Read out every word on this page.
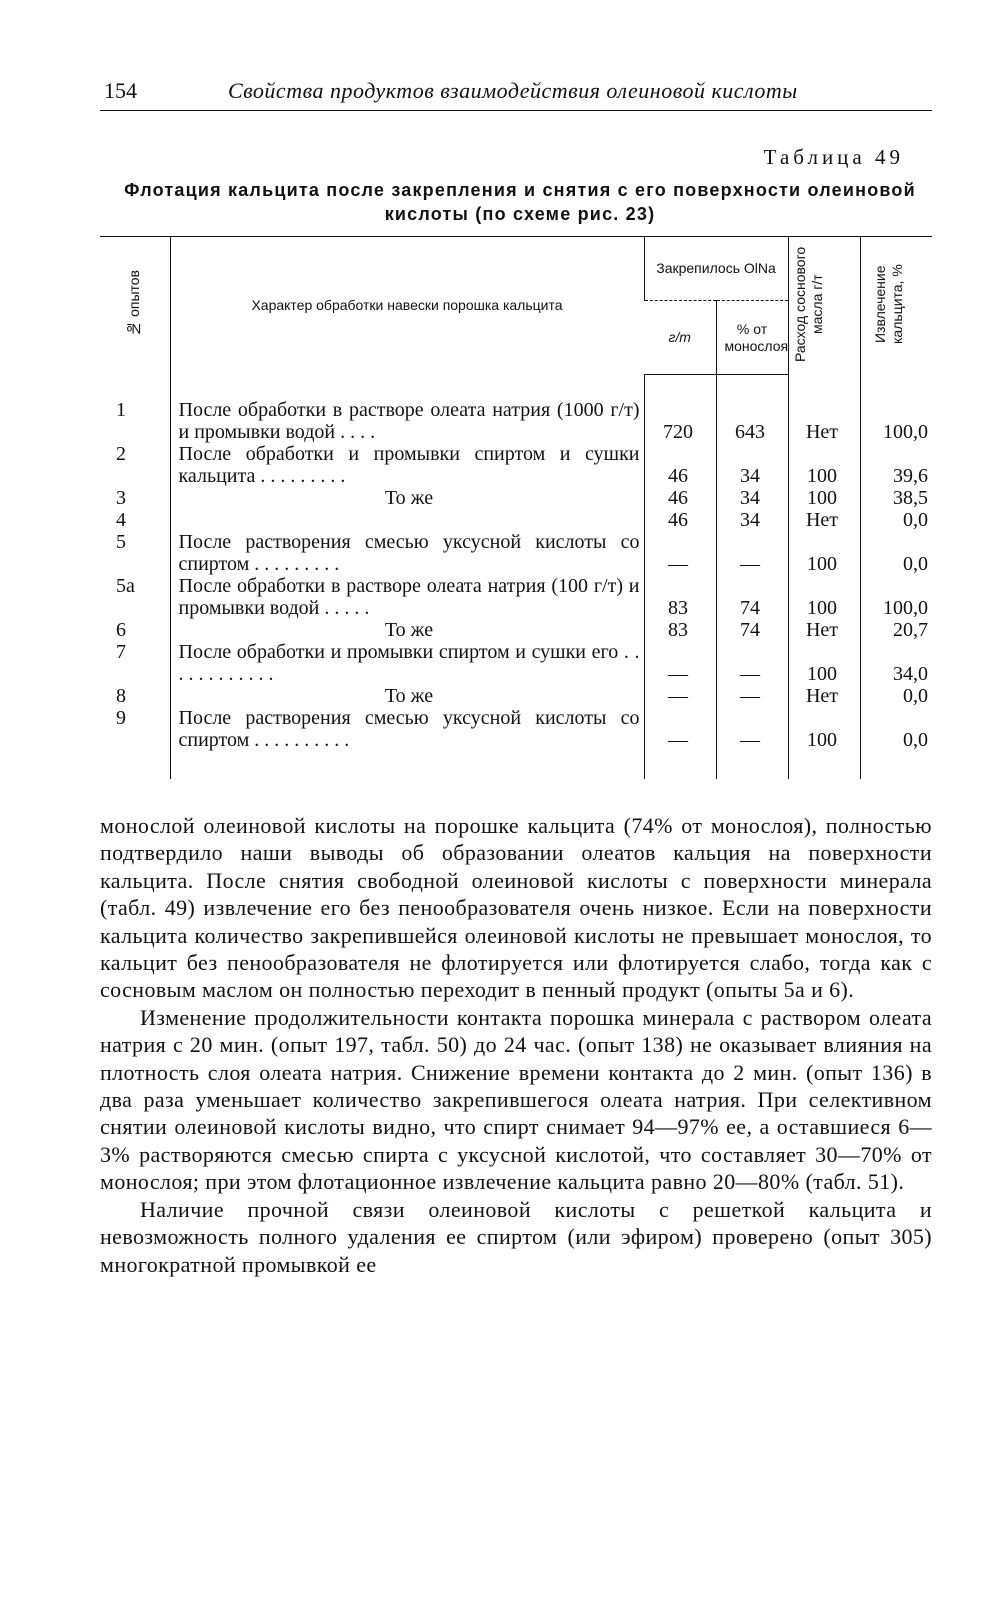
154	Свойства продуктов взаимодействия олеиновой кислоты
Таблица 49
Флотация кальцита после закрепления и снятия с его поверхности олеиновой кислоты (по схеме рис. 23)
№ опытов	Характер обработки навески порошка кальцита	Закрепилось OlNa		Расход соснового масла г/т	Извлечение кальцита, %
		г/т	% от монослоя		
1	После обработки в растворе олеата натрия (1000 г/т) и промывки водой . . . .	720	643	Нет	100,0
2	После обработки и промывки спиртом и сушки кальцита . . . . . . . . .	46	34	100	39,6
3	То же	46	34	100	38,5
4		46	34	Нет	0,0
5	После растворения смесью уксусной кислоты со спиртом . . . . . . . . .	—	—	100	0,0
5а	После обработки в растворе олеата натрия (100 г/т) и промывки водой . . . . .	83	74	100	100,0
6	То же	83	74	Нет	20,7
7	После обработки и промывки спиртом и сушки его . . . . . . . . . . . .	—	—	100	34,0
8	То же	—	—	Нет	0,0
9	После растворения смесью уксусной кислоты со спиртом . . . . . . . . . .	—	—	100	0,0

монослой олеиновой кислоты на порошке кальцита (74% от монослоя), полностью подтвердило наши выводы об образовании олеатов кальция на поверхности кальцита. После снятия свободной олеиновой кислоты с поверхности минерала (табл. 49) извлечение его без пенообразователя очень низкое. Если на поверхности кальцита количество закрепившейся олеиновой кислоты не превышает монослоя, то кальцит без пенообразователя не флотируется или флотируется слабо, тогда как с сосновым маслом он полностью переходит в пенный продукт (опыты 5а и 6).

Изменение продолжительности контакта порошка минерала с раствором олеата натрия с 20 мин. (опыт 197, табл. 50) до 24 час. (опыт 138) не оказывает влияния на плотность слоя олеата натрия. Снижение времени контакта до 2 мин. (опыт 136) в два раза уменьшает количество закрепившегося олеата натрия. При селективном снятии олеиновой кислоты видно, что спирт снимает 94—97% ее, а оставшиеся 6—3% растворяются смесью спирта с уксусной кислотой, что составляет 30—70% от монослоя; при этом флотационное извлечение кальцита равно 20—80% (табл. 51).

Наличие прочной связи олеиновой кислоты с решеткой кальцита и невозможность полного удаления ее спиртом (или эфиром) проверено (опыт 305) многократной промывкой ее
